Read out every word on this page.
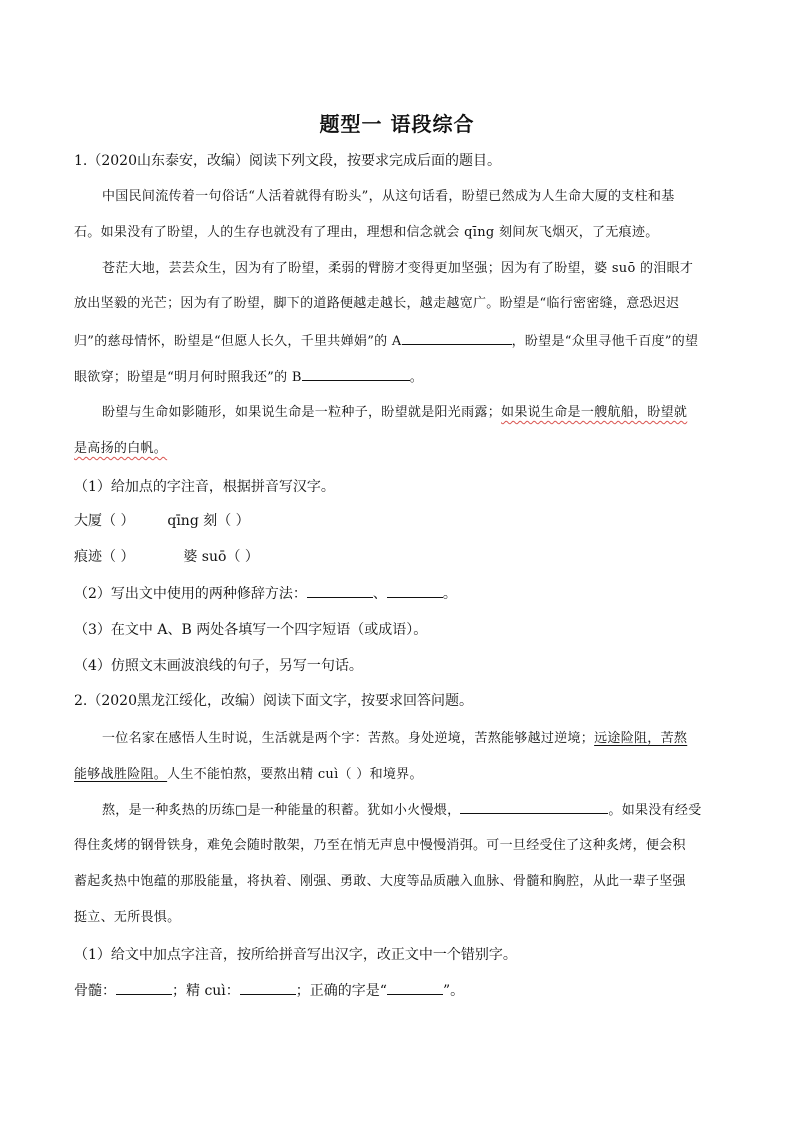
题型一 语段综合
1.（2020山东泰安，改编）阅读下列文段，按要求完成后面的题目。
中国民间流传着一句俗话“人活着就得有盼头”，从这句话看，盼望已然成为人生命大厦的支柱和基
石。如果没有了盼望，人的生存也就没有了理由，理想和信念就会 qīng 刻间灰飞烟灭，了无痕迹。
苍茫大地，芸芸众生，因为有了盼望，柔弱的臂膀才变得更加坚强；因为有了盼望，婆 suō 的泪眼才
放出坚毅的光芒；因为有了盼望，脚下的道路便越走越长，越走越宽广。盼望是“临行密密缝，意恐迟迟
归”的慈母情怀，盼望是“但愿人长久，千里共婵娟”的 A	，盼望是“众里寻他千百度”的望
眼欲穿；盼望是“明月何时照我还”的 B	。
盼望与生命如影随形，如果说生命是一粒种子，盼望就是阳光雨露；如果说生命是一艘航船，盼望就
是高扬的白帆。
（1）给加点的字注音，根据拼音写汉字。
大厦（ ） qīng 刻（ ）
痕迹（ ）	婆 suō（ ）
（2）写出文中使用的两种修辞方法：	、	。
（3）在文中 A、B 两处各填写一个四字短语（或成语）。
（4）仿照文末画波浪线的句子，另写一句话。
2.（2020黑龙江绥化，改编）阅读下面文字，按要求回答问题。
一位名家在感悟人生时说，生活就是两个字：苦熬。身处逆境，苦熬能够越过逆境；远途险阻，苦熬
能够战胜险阻。人生不能怕熬，要熬出精 cuì（ ）和境界。
熬，是一种炙热的历练□是一种能量的积蓄。犹如小火慢煨，	。如果没有经受
得住炙烤的钢骨铁身，难免会随时散架，乃至在悄无声息中慢慢消弭。可一旦经受住了这种炙烤，便会积
蓄起炙热中饱蕴的那股能量，将执着、刚强、勇敢、大度等品质融入血脉、骨髓和胸腔，从此一辈子坚强
挺立、无所畏惧。
（1）给文中加点字注音，按所给拼音写出汉字，改正文中一个错别字。
骨髓：	；精 cuì：	；正确的字是“	”。
